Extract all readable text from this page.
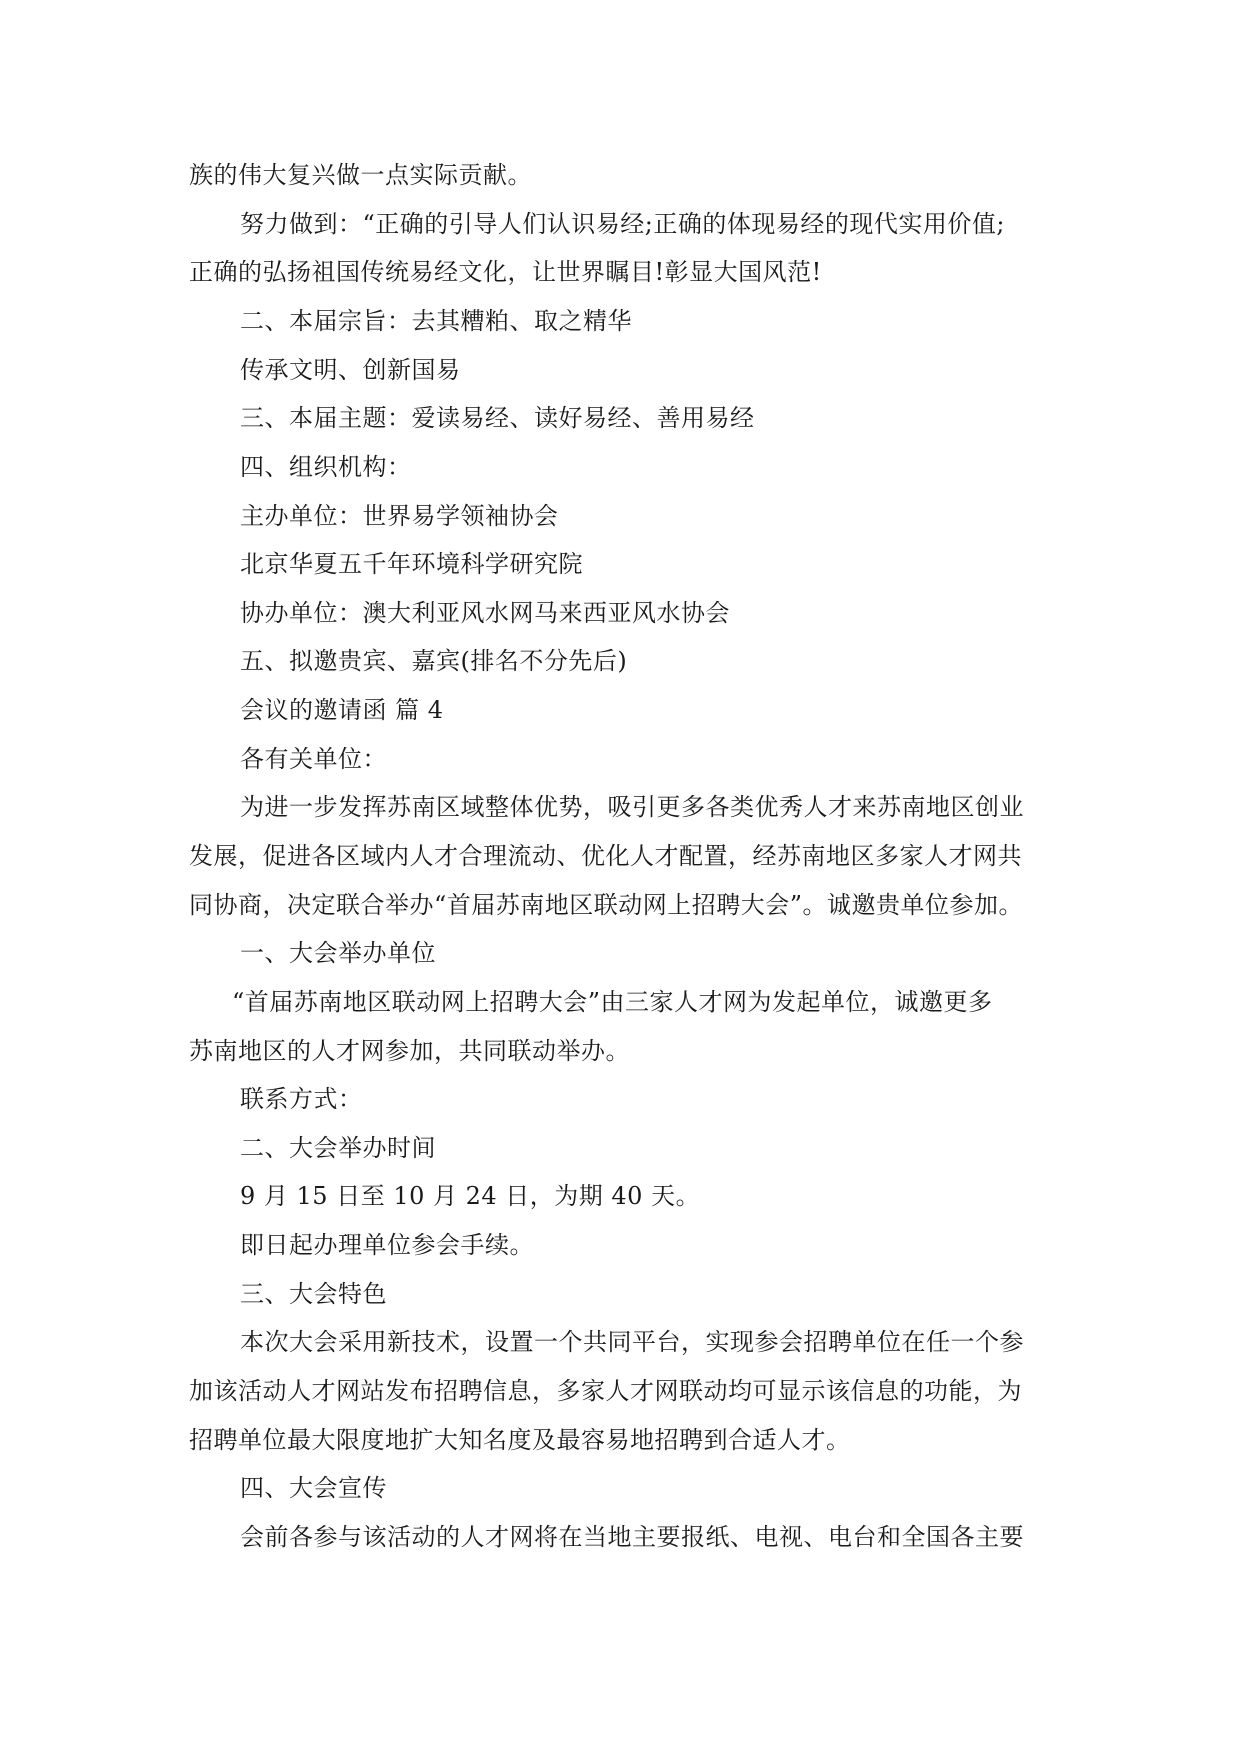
族的伟大复兴做一点实际贡献。
努力做到：“正确的引导人们认识易经;正确的体现易经的现代实用价值;
正确的弘扬祖国传统易经文化，让世界瞩目!彰显大国风范!
二、本届宗旨：去其糟粕、取之精华
传承文明、创新国易
三、本届主题：爱读易经、读好易经、善用易经
四、组织机构：
主办单位：世界易学领袖协会
北京华夏五千年环境科学研究院
协办单位：澳大利亚风水网马来西亚风水协会
五、拟邀贵宾、嘉宾(排名不分先后)
会议的邀请函 篇 4
各有关单位：
为进一步发挥苏南区域整体优势，吸引更多各类优秀人才来苏南地区创业
发展，促进各区域内人才合理流动、优化人才配置，经苏南地区多家人才网共
同协商，决定联合举办“首届苏南地区联动网上招聘大会”。诚邀贵单位参加。
一、大会举办单位
“首届苏南地区联动网上招聘大会”由三家人才网为发起单位，诚邀更多
苏南地区的人才网参加，共同联动举办。
联系方式：
二、大会举办时间
9 月 15 日至 10 月 24 日，为期 40 天。
即日起办理单位参会手续。
三、大会特色
本次大会采用新技术，设置一个共同平台，实现参会招聘单位在任一个参
加该活动人才网站发布招聘信息，多家人才网联动均可显示该信息的功能，为
招聘单位最大限度地扩大知名度及最容易地招聘到合适人才。
四、大会宣传
会前各参与该活动的人才网将在当地主要报纸、电视、电台和全国各主要
